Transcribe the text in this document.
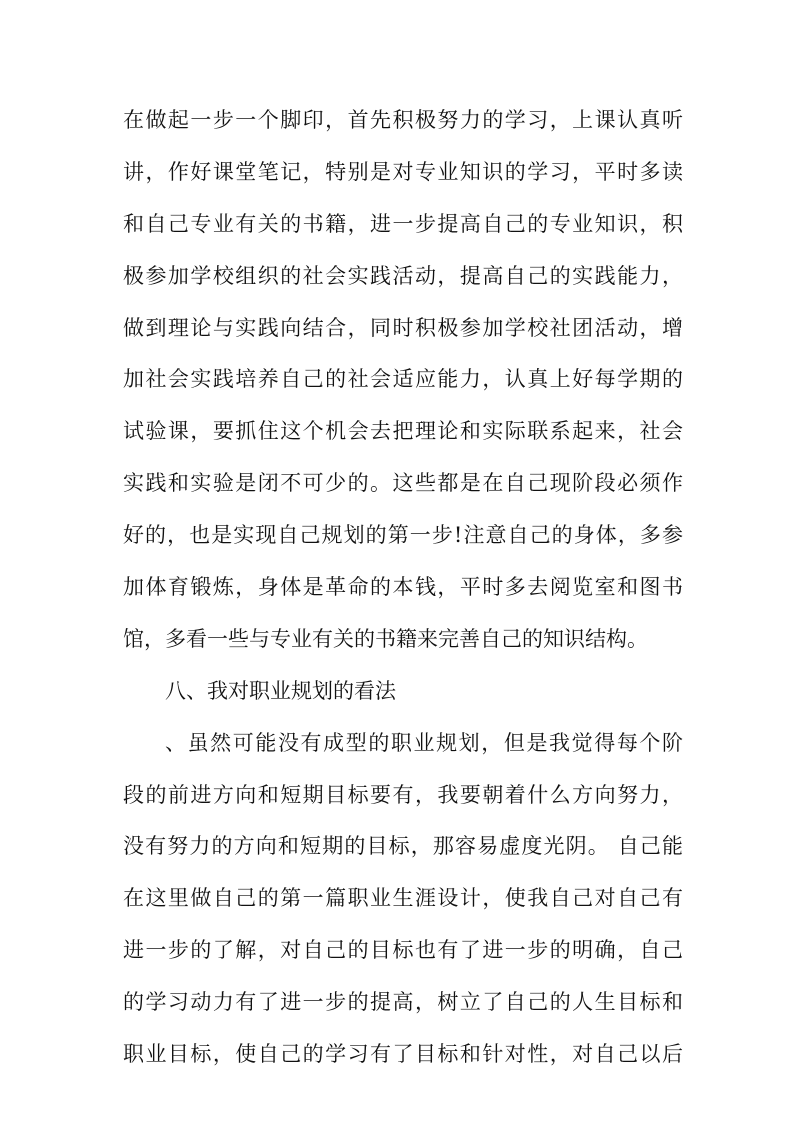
在做起一步一个脚印，首先积极努力的学习，上课认真听
讲，作好课堂笔记，特别是对专业知识的学习，平时多读
和自己专业有关的书籍，进一步提高自己的专业知识，积
极参加学校组织的社会实践活动，提高自己的实践能力，
做到理论与实践向结合，同时积极参加学校社团活动，增
加社会实践培养自己的社会适应能力，认真上好每学期的
试验课，要抓住这个机会去把理论和实际联系起来，社会
实践和实验是闭不可少的。这些都是在自己现阶段必须作
好的，也是实现自己规划的第一步!注意自己的身体，多参
加体育锻炼，身体是革命的本钱，平时多去阅览室和图书
馆，多看一些与专业有关的书籍来完善自己的知识结构。
八、我对职业规划的看法
、虽然可能没有成型的职业规划，但是我觉得每个阶
段的前进方向和短期目标要有，我要朝着什么方向努力，
没有努力的方向和短期的目标，那容易虚度光阴。 自己能
在这里做自己的第一篇职业生涯设计，使我自己对自己有
进一步的了解，对自己的目标也有了进一步的明确，自己
的学习动力有了进一步的提高，树立了自己的人生目标和
职业目标，使自己的学习有了目标和针对性，对自己以后
